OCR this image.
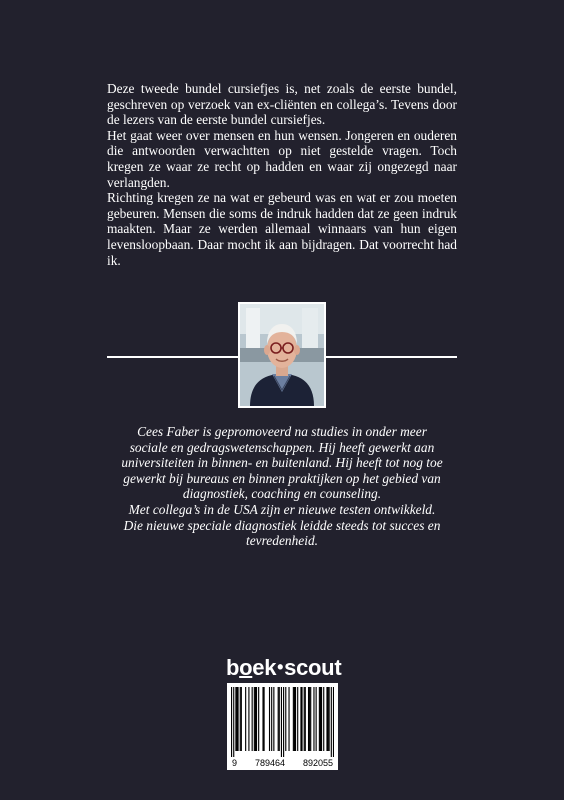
Deze tweede bundel cursiefjes is, net zoals de eerste bundel, geschreven op verzoek van ex-cliënten en collega’s. Tevens door de lezers van de eerste bundel cursiefjes.

Het gaat weer over mensen en hun wensen. Jongeren en ouderen die antwoorden verwachtten op niet gestelde vragen. Toch kregen ze waar ze recht op hadden en waar zij ongezegd naar verlangden.

Richting kregen ze na wat er gebeurd was en wat er zou moeten gebeuren. Mensen die soms de indruk hadden dat ze geen indruk maakten. Maar ze werden allemaal winnaars van hun eigen levensloopbaan. Daar mocht ik aan bijdragen. Dat voorrecht had ik.

Cees Faber is gepromoveerd na studies in onder meer

sociale en gedragswetenschappen. Hij heeft gewerkt aan

universiteiten in binnen- en buitenland. Hij heeft tot nog toe

gewerkt bij bureaus en binnen praktijken op het gebied van

diagnostiek, coaching en counseling.

Met collega’s in de USA zijn er nieuwe testen ontwikkeld.

Die nieuwe speciale diagnostiek leidde steeds tot succes en

tevredenheid.

boek•scout
9 789464 892055
